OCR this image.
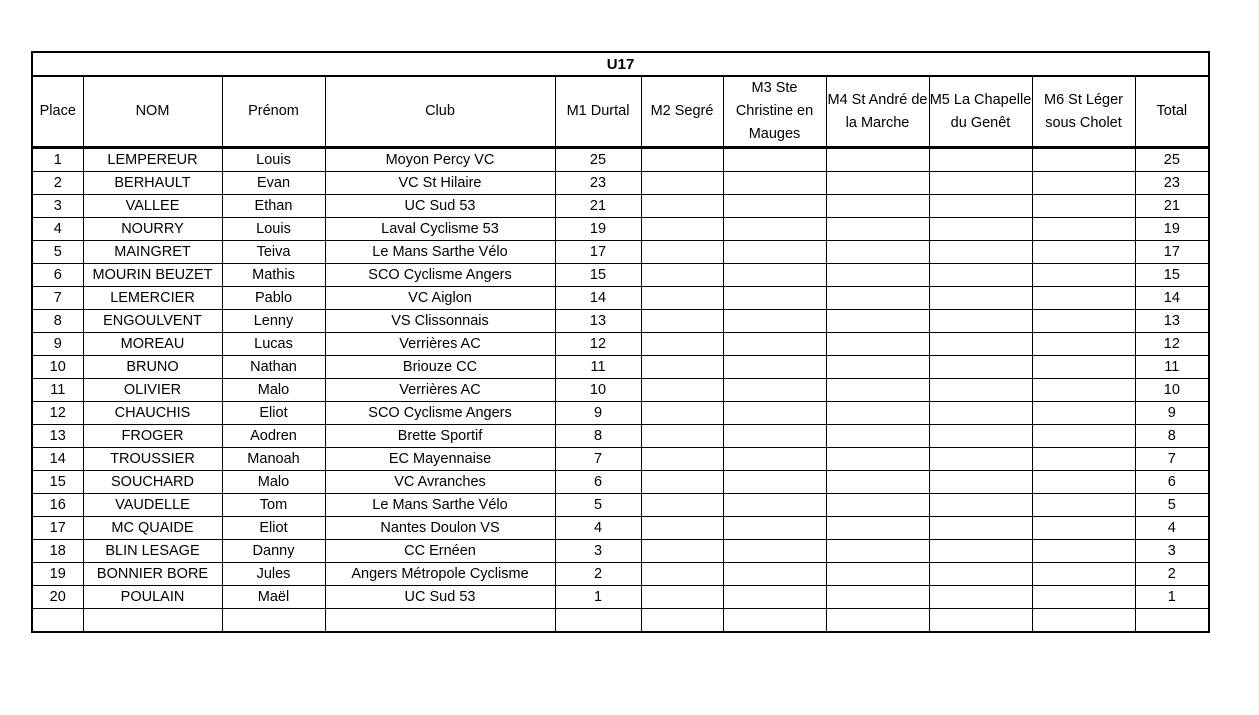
U17										
Place	NOM	Prénom	Club	M1 Durtal	M2 Segré	M3 Ste Christine en Mauges	M4 St André de la Marche	M5 La Chapelle du Genêt	M6 St Léger sous Cholet	Total
1	LEMPEREUR	Louis	Moyon Percy VC	25						25
2	BERHAULT	Evan	VC St Hilaire	23						23
3	VALLEE	Ethan	UC Sud 53	21						21
4	NOURRY	Louis	Laval Cyclisme 53	19						19
5	MAINGRET	Teiva	Le Mans Sarthe Vélo	17						17
6	MOURIN BEUZET	Mathis	SCO Cyclisme Angers	15						15
7	LEMERCIER	Pablo	VC Aiglon	14						14
8	ENGOULVENT	Lenny	VS Clissonnais	13						13
9	MOREAU	Lucas	Verrières AC	12						12
10	BRUNO	Nathan	Briouze CC	11						11
11	OLIVIER	Malo	Verrières AC	10						10
12	CHAUCHIS	Eliot	SCO Cyclisme Angers	9						9
13	FROGER	Aodren	Brette Sportif	8						8
14	TROUSSIER	Manoah	EC Mayennaise	7						7
15	SOUCHARD	Malo	VC Avranches	6						6
16	VAUDELLE	Tom	Le Mans Sarthe Vélo	5						5
17	MC QUAIDE	Eliot	Nantes Doulon VS	4						4
18	BLIN LESAGE	Danny	CC Ernéen	3						3
19	BONNIER BORE	Jules	Angers Métropole Cyclisme	2						2
20	POULAIN	Maël	UC Sud 53	1						1
